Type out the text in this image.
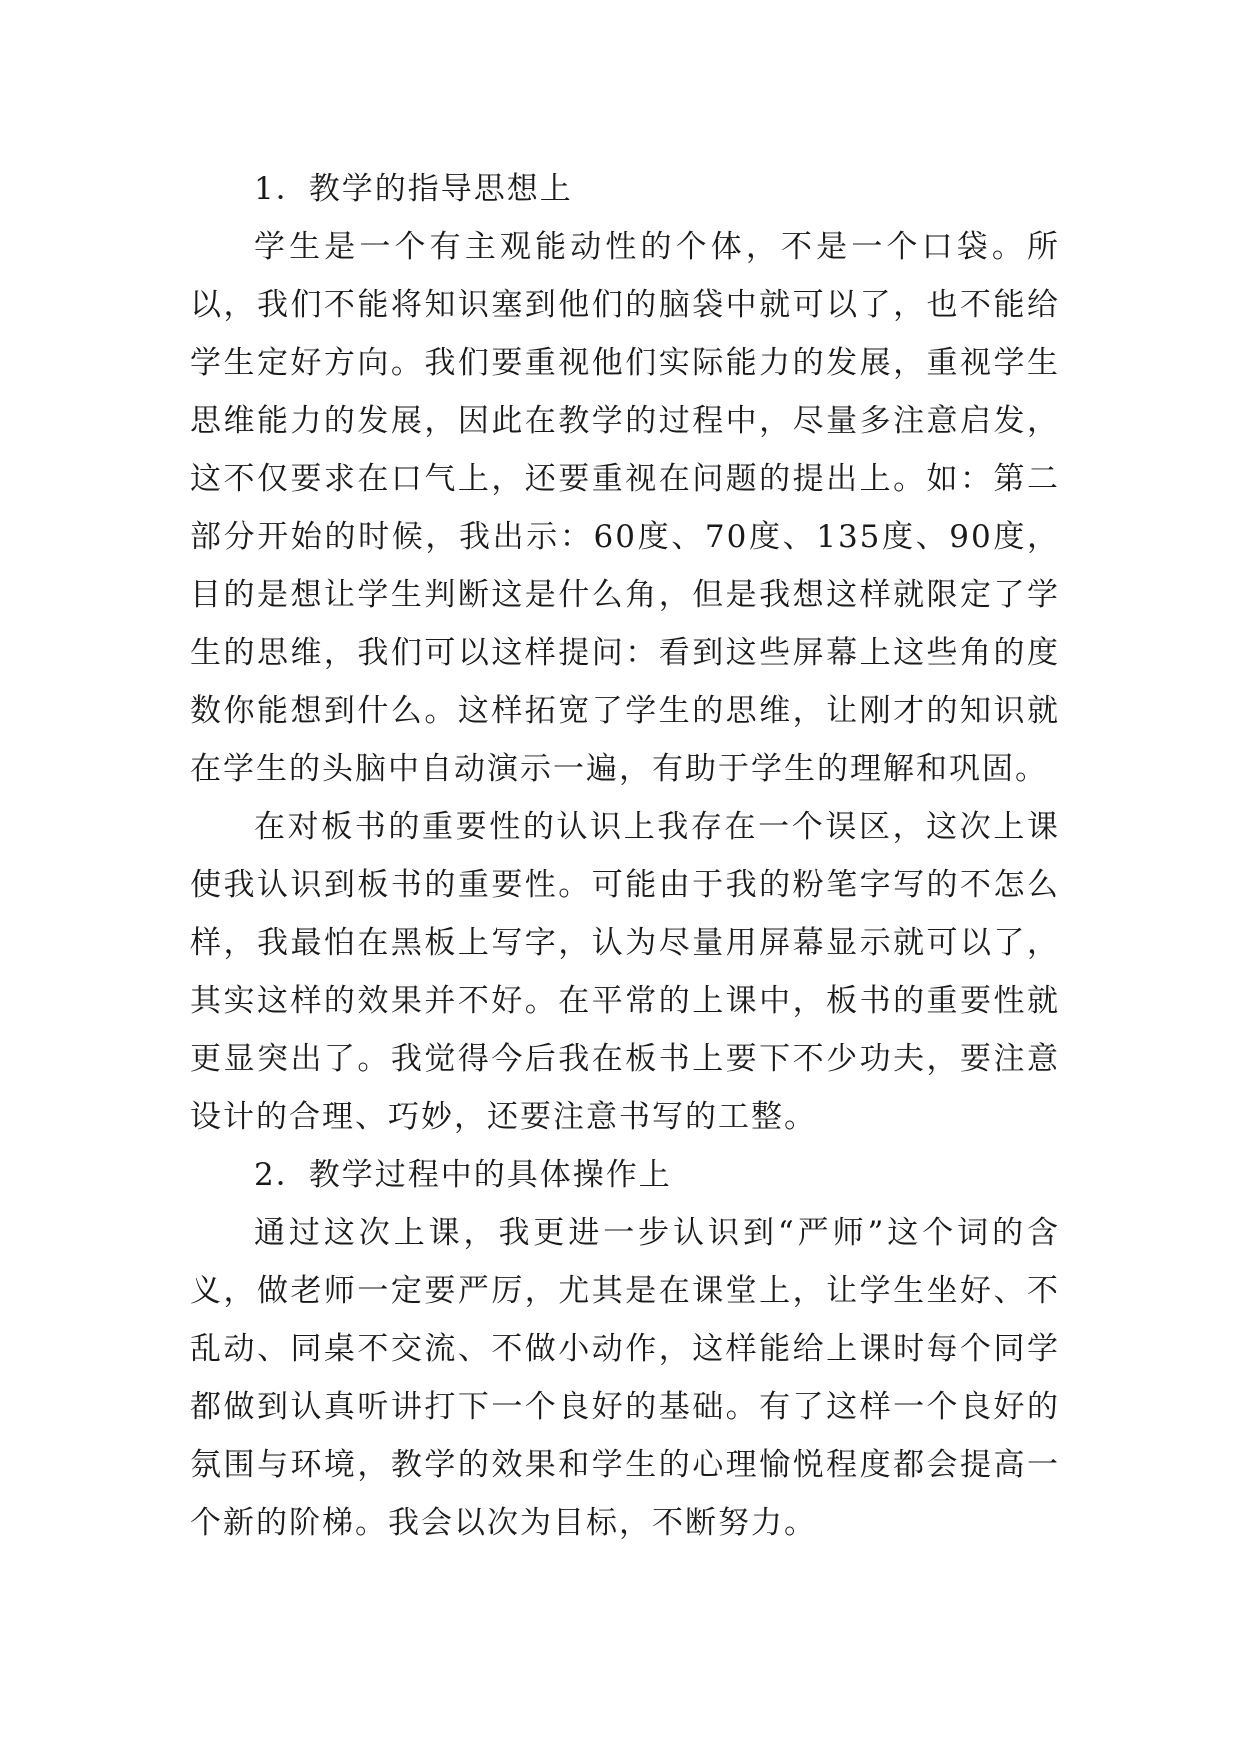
1．教学的指导思想上

学生是一个有主观能动性的个体，不是一个口袋。所以，我们不能将知识塞到他们的脑袋中就可以了，也不能给学生定好方向。我们要重视他们实际能力的发展，重视学生思维能力的发展，因此在教学的过程中，尽量多注意启发，这不仅要求在口气上，还要重视在问题的提出上。如：第二部分开始的时候，我出示：60度、70度、135度、90度，目的是想让学生判断这是什么角，但是我想这样就限定了学生的思维，我们可以这样提问：看到这些屏幕上这些角的度数你能想到什么。这样拓宽了学生的思维，让刚才的知识就在学生的头脑中自动演示一遍，有助于学生的理解和巩固。

在对板书的重要性的认识上我存在一个误区，这次上课使我认识到板书的重要性。可能由于我的粉笔字写的不怎么样，我最怕在黑板上写字，认为尽量用屏幕显示就可以了，其实这样的效果并不好。在平常的上课中，板书的重要性就更显突出了。我觉得今后我在板书上要下不少功夫，要注意设计的合理、巧妙，还要注意书写的工整。

2．教学过程中的具体操作上

通过这次上课，我更进一步认识到“严师”这个词的含义，做老师一定要严厉，尤其是在课堂上，让学生坐好、不乱动、同桌不交流、不做小动作，这样能给上课时每个同学都做到认真听讲打下一个良好的基础。有了这样一个良好的氛围与环境，教学的效果和学生的心理愉悦程度都会提高一个新的阶梯。我会以次为目标，不断努力。
